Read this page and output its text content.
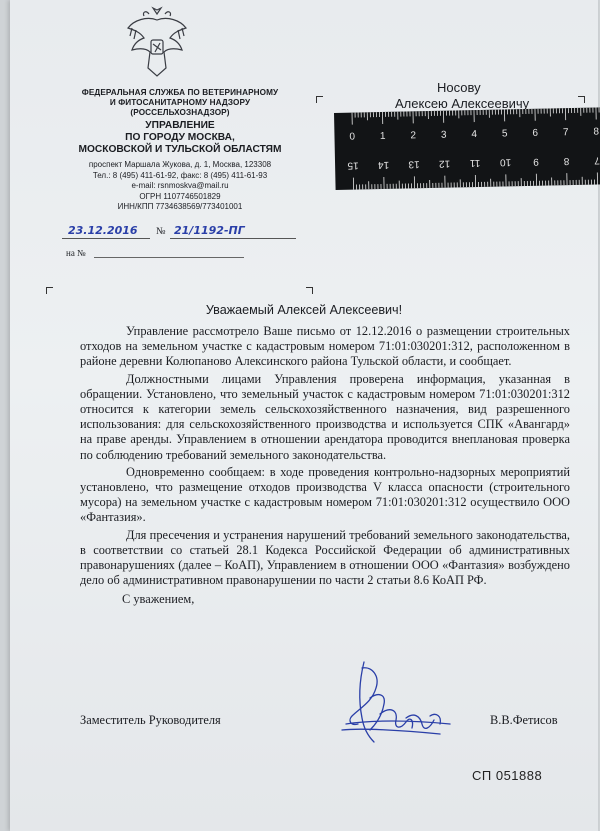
ФЕДЕРАЛЬНАЯ СЛУЖБА ПО ВЕТЕРИНАРНОМУ
И ФИТОСАНИТАРНОМУ НАДЗОРУ
(РОССЕЛЬХОЗНАДЗОР)
УПРАВЛЕНИЕ
ПО ГОРОДУ МОСКВА,
МОСКОВСКОЙ И ТУЛЬСКОЙ ОБЛАСТЯМ
проспект Маршала Жукова, д. 1, Москва, 123308
Тел.: 8 (495) 411-61-92, факс: 8 (495) 411-61-93
e-mail: rsnmoskva@mail.ru
ОГРН 1107746501829
ИНН/КПП 7734638569/773401001
23.12.2016 № 21/1192-ПГ
на №
Носову
Алексею Алексеевичу
0 1 2 3 4 5 6 7 8
15 14 13 12 11 10 9 8 7
Уважаемый Алексей Алексеевич!

Управление рассмотрело Ваше письмо от 12.12.2016 о размещении строительных отходов на земельном участке с кадастровым номером 71:01:030201:312, расположенном в районе деревни Колюпаново Алексинского района Тульской области, и сообщает.

Должностными лицами Управления проверена информация, указанная в обращении. Установлено, что земельный участок с кадастровым номером 71:01:030201:312 относится к категории земель сельскохозяйственного назначения, вид разрешенного использования: для сельскохозяйственного производства и используется СПК «Авангард» на праве аренды. Управлением в отношении арендатора проводится внеплановая проверка по соблюдению требований земельного законодательства.

Одновременно сообщаем: в ходе проведения контрольно-надзорных мероприятий установлено, что размещение отходов производства V класса опасности (строительного мусора) на земельном участке с кадастровым номером 71:01:030201:312 осуществило ООО «Фантазия».

Для пресечения и устранения нарушений требований земельного законодательства, в соответствии со статьей 28.1 Кодекса Российской Федерации об административных правонарушениях (далее – КоАП), Управлением в отношении ООО «Фантазия» возбуждено дело об административном правонарушении по части 2 статьи 8.6 КоАП РФ.

С уважением,

Заместитель Руководителя	В.В.Фетисов
СП 051888
